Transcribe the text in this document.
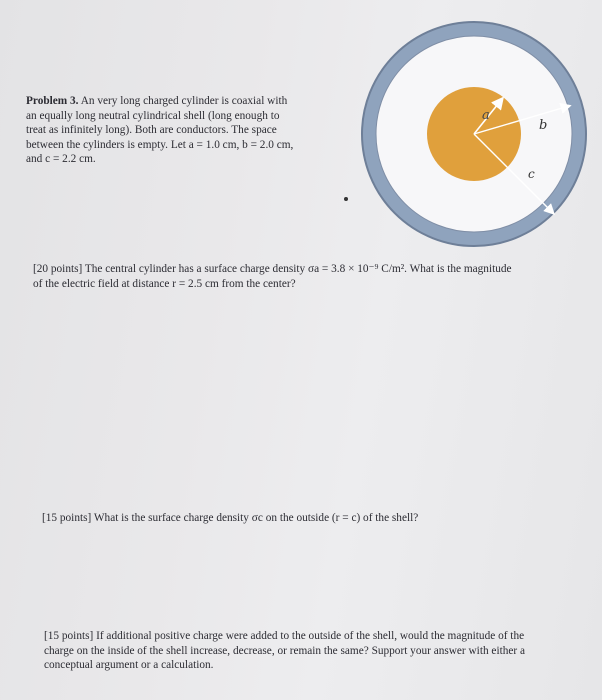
Problem 3. An very long charged cylinder is coaxial with

an equally long neutral cylindrical shell (long enough to

treat as infinitely long). Both are conductors. The space

between the cylinders is empty. Let a = 1.0 cm, b = 2.0 cm,

and c = 2.2 cm.

a
b
c

[20 points] The central cylinder has a surface charge density σa = 3.8 × 10⁻⁹ C/m². What is the magnitude

of the electric field at distance r = 2.5 cm from the center?

[15 points] What is the surface charge density σc on the outside (r = c) of the shell?

[15 points] If additional positive charge were added to the outside of the shell, would the magnitude of the

charge on the inside of the shell increase, decrease, or remain the same? Support your answer with either a

conceptual argument or a calculation.
